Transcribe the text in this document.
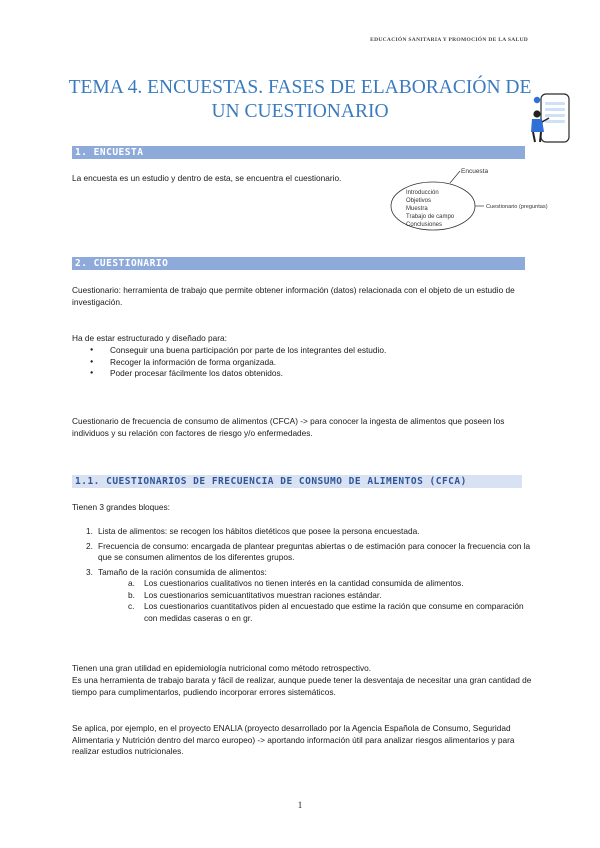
EDUCACIÓN SANITARIA Y PROMOCIÓN DE LA SALUD
TEMA 4. ENCUESTAS. FASES DE ELABORACIÓN DE
UN CUESTIONARIO
1. ENCUESTA

La encuesta es un estudio y dentro de esta, se encuentra el cuestionario.

Encuesta
Introducción
Objetivos
Muestra
Trabajo de campo
Conclusiones
Cuestionario (preguntas)
2. CUESTIONARIO

Cuestionario: herramienta de trabajo que permite obtener información (datos) relacionada con el objeto de un estudio de investigación.

Ha de estar estructurado y diseñado para:

● Conseguir una buena participación por parte de los integrantes del estudio.
● Recoger la información de forma organizada.
● Poder procesar fácilmente los datos obtenidos.

Cuestionario de frecuencia de consumo de alimentos (CFCA) -> para conocer la ingesta de alimentos que poseen los individuos y su relación con factores de riesgo y/o enfermedades.

1.1. CUESTIONARIOS DE FRECUENCIA DE CONSUMO DE ALIMENTOS (CFCA)

Tienen 3 grandes bloques:

1. Lista de alimentos: se recogen los hábitos dietéticos que posee la persona encuestada.
2. Frecuencia de consumo: encargada de plantear preguntas abiertas o de estimación para conocer la frecuencia con la que se consumen alimentos de los diferentes grupos.
3. Tamaño de la ración consumida de alimentos:
a. Los cuestionarios cualitativos no tienen interés en la cantidad consumida de alimentos.
b. Los cuestionarios semicuantitativos muestran raciones estándar.
c. Los cuestionarios cuantitativos piden al encuestado que estime la ración que consume en comparación con medidas caseras o en gr.

Tienen una gran utilidad en epidemiología nutricional como método retrospectivo.

Es una herramienta de trabajo barata y fácil de realizar, aunque puede tener la desventaja de necesitar una gran cantidad de tiempo para cumplimentarlos, pudiendo incorporar errores sistemáticos.

Se aplica, por ejemplo, en el proyecto ENALIA (proyecto desarrollado por la Agencia Española de Consumo, Seguridad Alimentaria y Nutrición dentro del marco europeo) -> aportando información útil para analizar riesgos alimentarios y para realizar estudios nutricionales.

1
